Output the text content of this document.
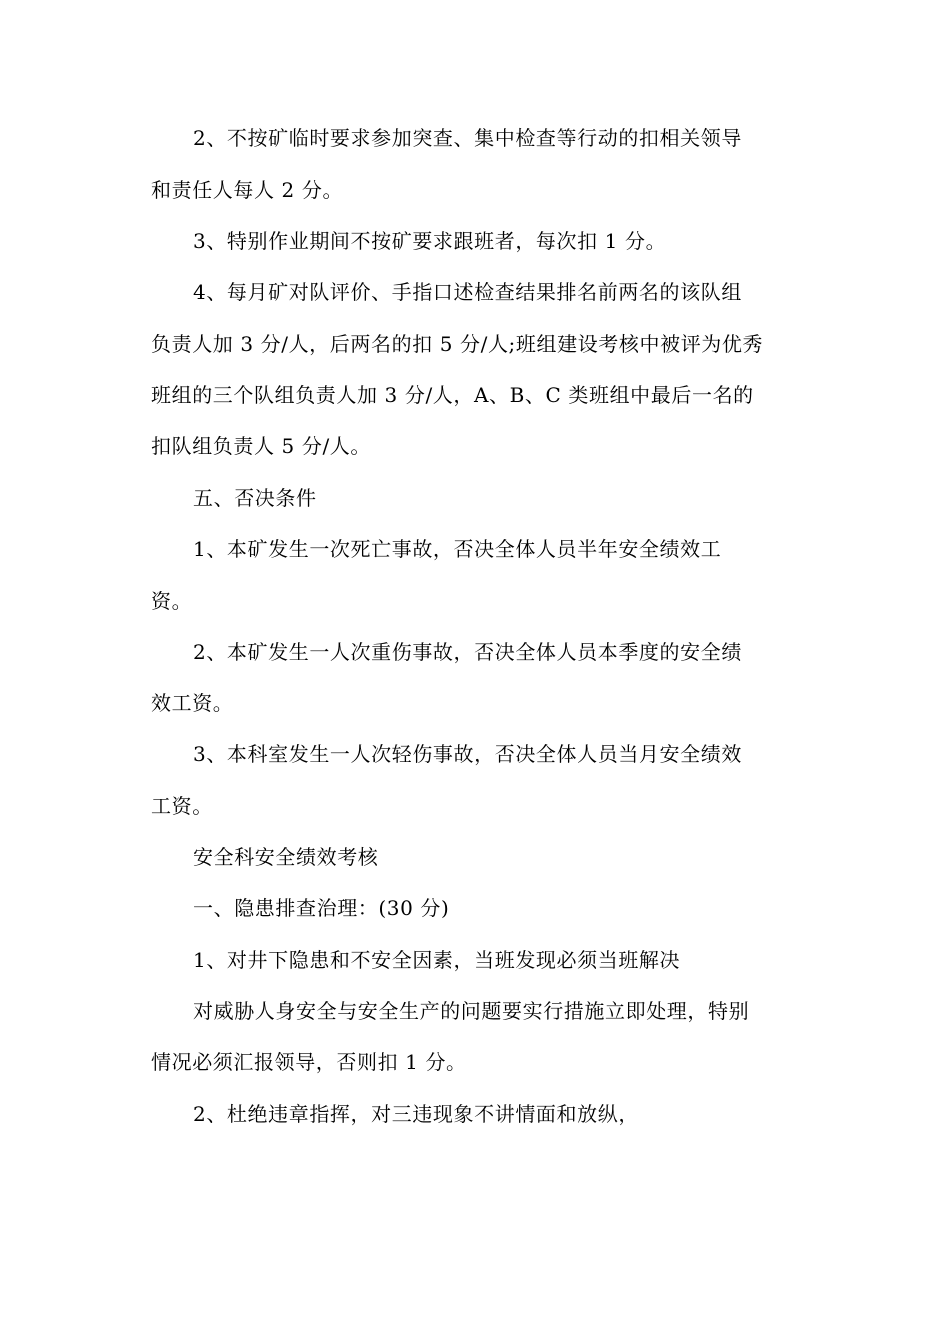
2、不按矿临时要求参加突查、集中检查等行动的扣相关领导
和责任人每人 2 分。
3、特别作业期间不按矿要求跟班者，每次扣 1 分。
4、每月矿对队评价、手指口述检查结果排名前两名的该队组
负责人加 3 分/人，后两名的扣 5 分/人;班组建设考核中被评为优秀
班组的三个队组负责人加 3 分/人，A、B、C 类班组中最后一名的
扣队组负责人 5 分/人。
五、否决条件
1、本矿发生一次死亡事故，否决全体人员半年安全绩效工
资。
2、本矿发生一人次重伤事故，否决全体人员本季度的安全绩
效工资。
3、本科室发生一人次轻伤事故，否决全体人员当月安全绩效
工资。
安全科安全绩效考核
一、隐患排查治理：(30 分)
1、对井下隐患和不安全因素，当班发现必须当班解决
对威胁人身安全与安全生产的问题要实行措施立即处理，特别
情况必须汇报领导，否则扣 1 分。
2、杜绝违章指挥，对三违现象不讲情面和放纵，
